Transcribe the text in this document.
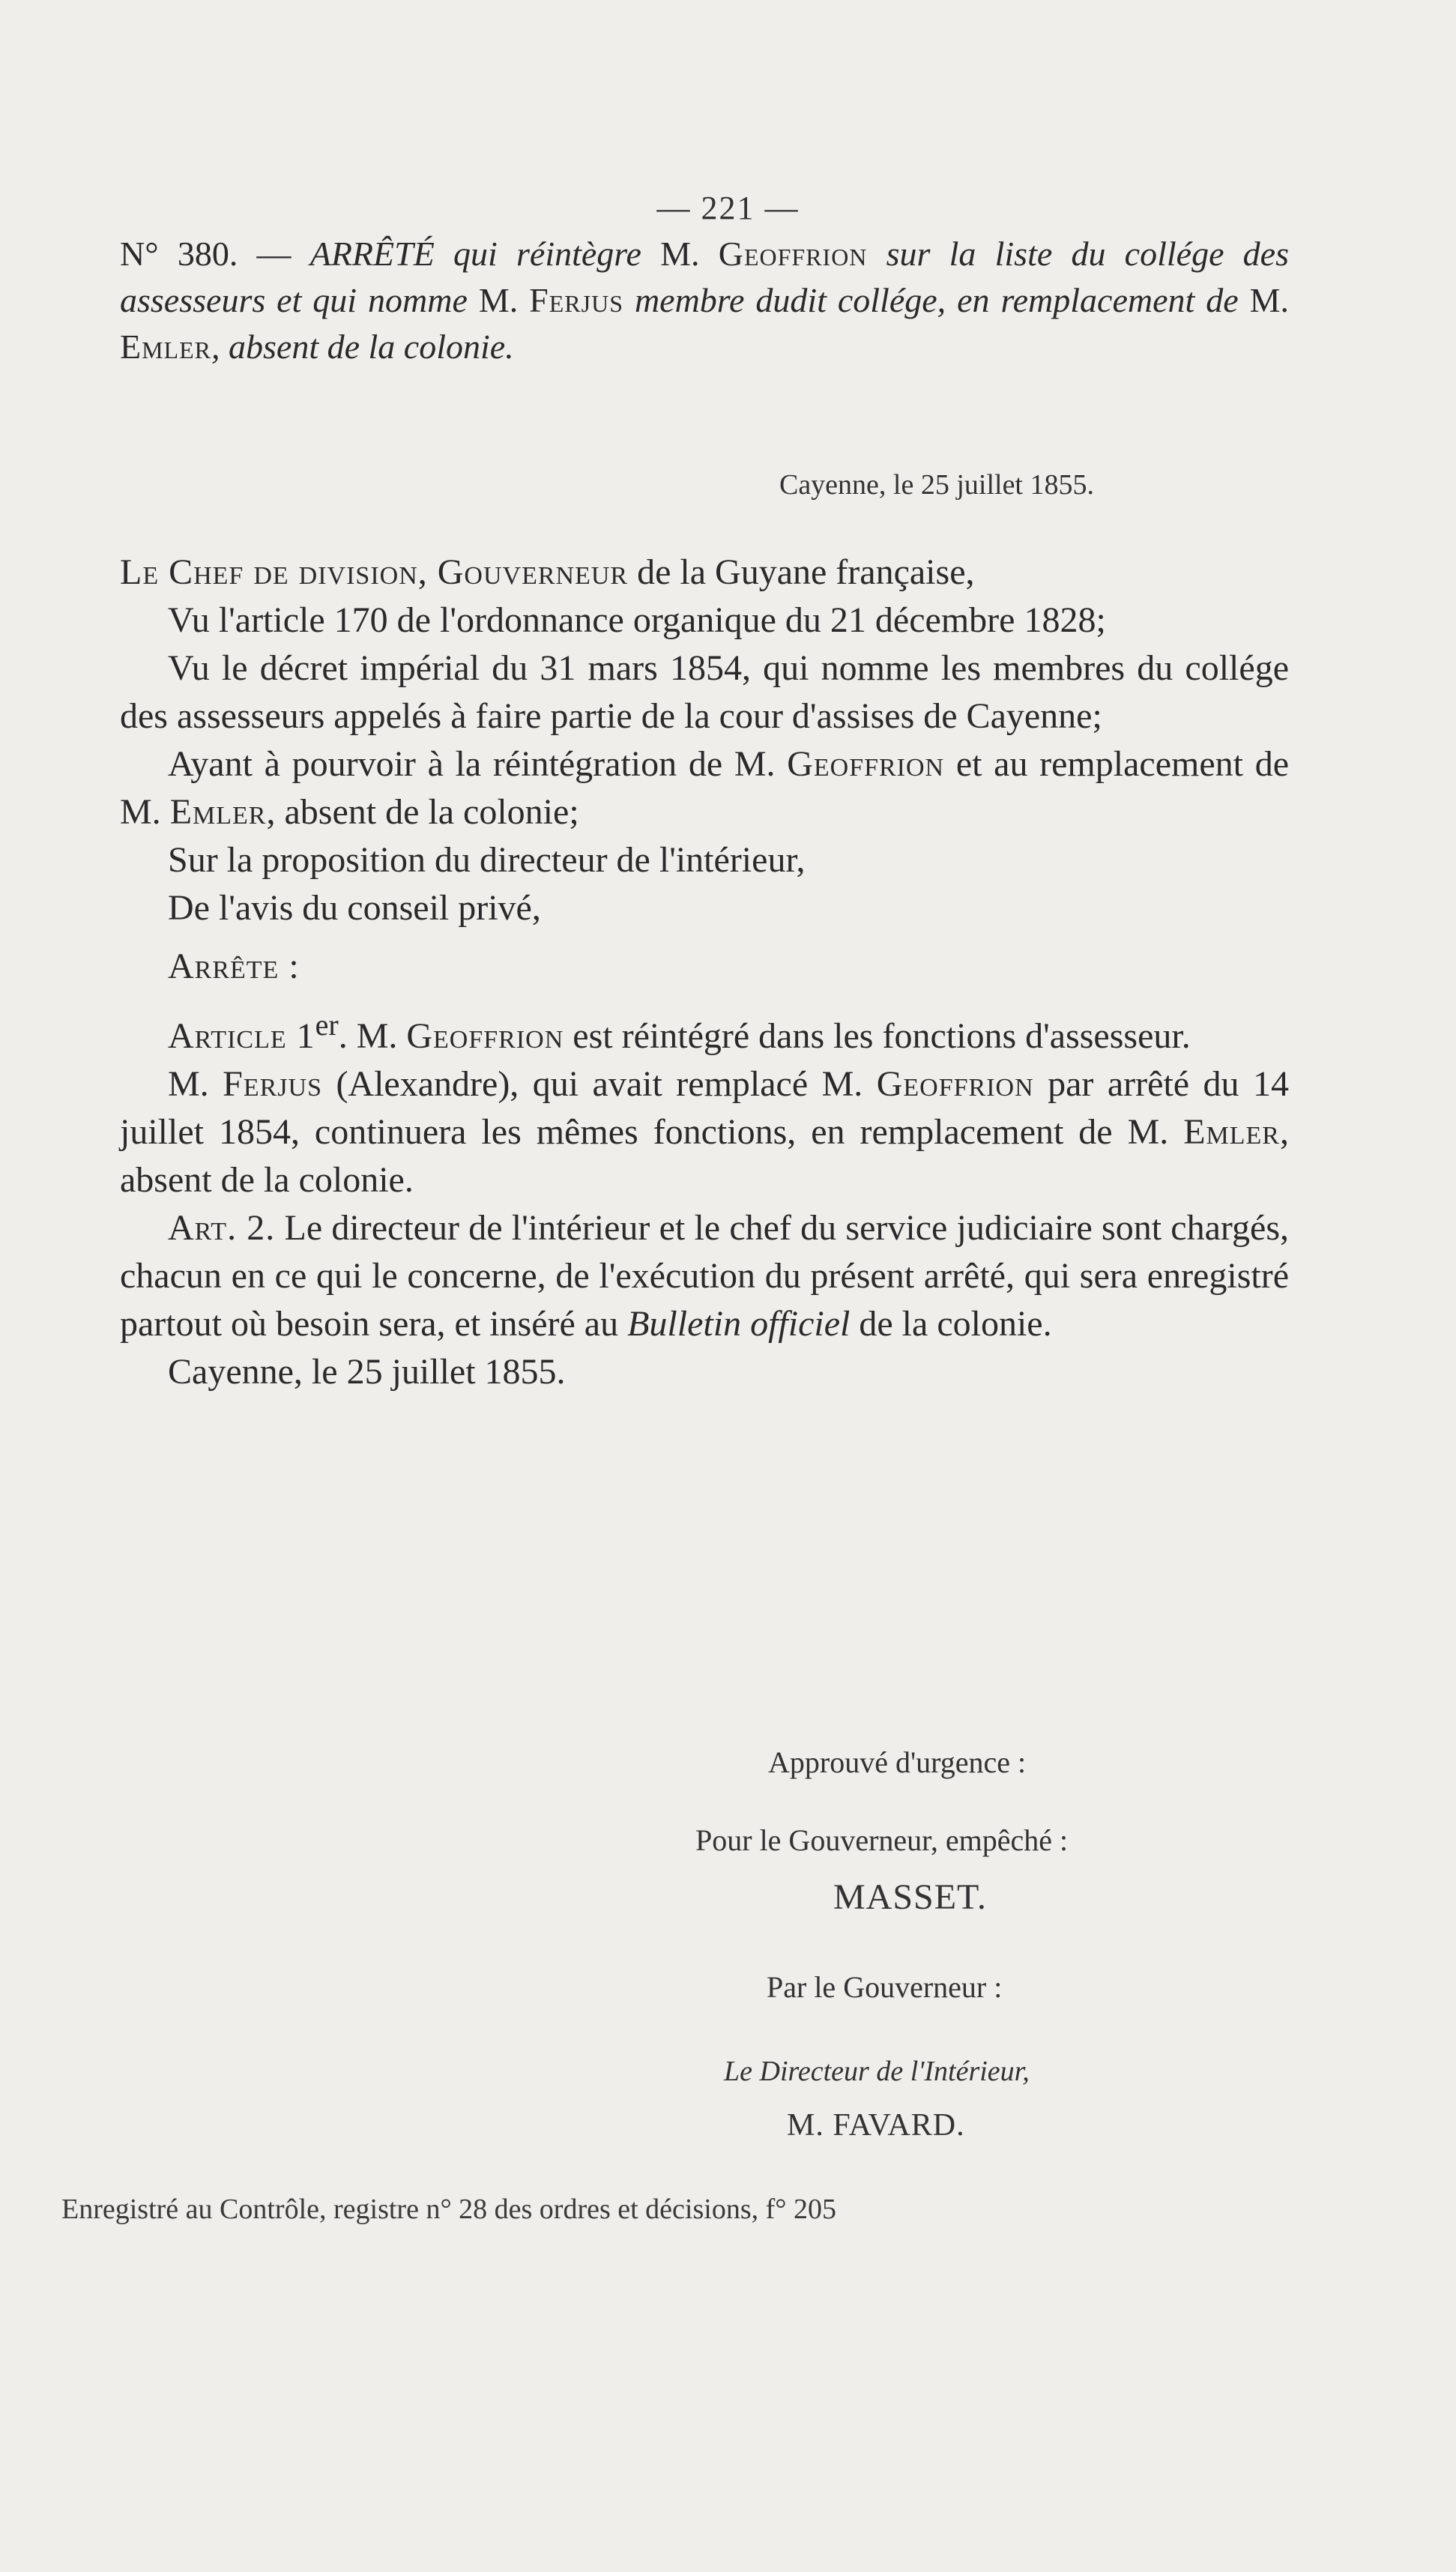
— 221 —
N° 380. — ARRÊTÉ qui réintègre M. Geoffrion sur la liste du collége des assesseurs et qui nomme M. Ferjus membre dudit collége, en remplacement de M. Emler, absent de la colonie.
Cayenne, le 25 juillet 1855.

Le Chef de division, Gouverneur de la Guyane française,

Vu l'article 170 de l'ordonnance organique du 21 décembre 1828;

Vu le décret impérial du 31 mars 1854, qui nomme les membres du collége des assesseurs appelés à faire partie de la cour d'assises de Cayenne;

Ayant à pourvoir à la réintégration de M. Geoffrion et au remplacement de M. Emler, absent de la colonie;

Sur la proposition du directeur de l'intérieur,

De l'avis du conseil privé,

Arrête :

Article 1er. M. Geoffrion est réintégré dans les fonctions d'assesseur.

M. Ferjus (Alexandre), qui avait remplacé M. Geoffrion par arrêté du 14 juillet 1854, continuera les mêmes fonctions, en remplacement de M. Emler, absent de la colonie.

Art. 2. Le directeur de l'intérieur et le chef du service judiciaire sont chargés, chacun en ce qui le concerne, de l'exécution du présent arrêté, qui sera enregistré partout où besoin sera, et inséré au Bulletin officiel de la colonie.

Cayenne, le 25 juillet 1855.

Approuvé d'urgence :
Pour le Gouverneur, empêché :
MASSET.
Par le Gouverneur :
Le Directeur de l'Intérieur,
M. FAVARD.
Enregistré au Contrôle, registre n° 28 des ordres et décisions, f° 205
